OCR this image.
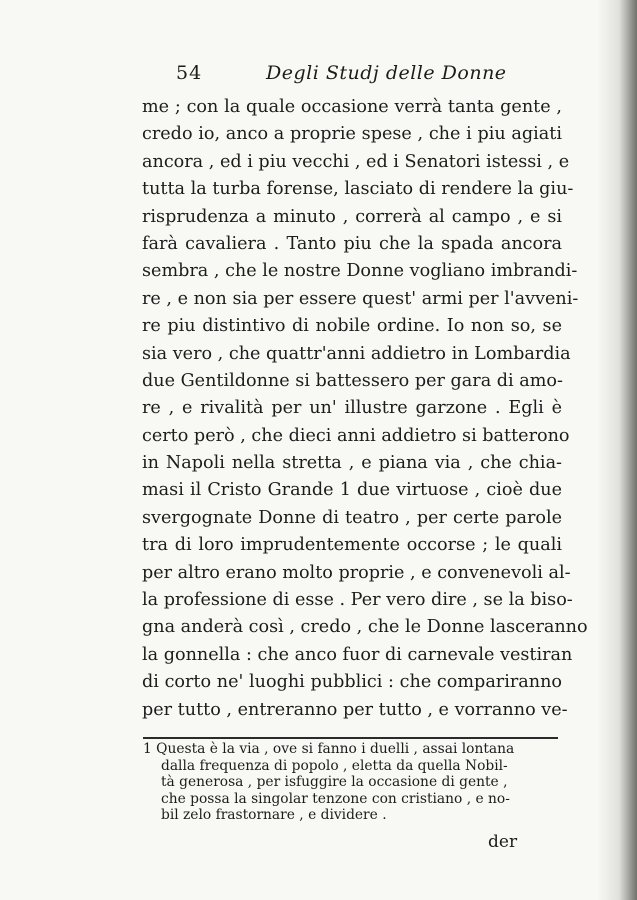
54	Degli Studj delle Donne
me ; con la quale occasione verrà tanta gente ,
credo io, anco a proprie spese , che i piu agiati
ancora , ed i piu vecchi , ed i Senatori istessi , e
tutta la turba forense, lasciato di rendere la giu-
risprudenza a minuto , correrà al campo , e si
farà cavaliera . Tanto piu che la spada ancora
sembra , che le nostre Donne vogliano imbrandi-
re , e non sia per essere quest' armi per l'avveni-
re piu distintivo di nobile ordine. Io non so, se
sia vero , che quattr'anni addietro in Lombardia
due Gentildonne si battessero per gara di amo-
re , e rivalità per un' illustre garzone . Egli è
certo però , che dieci anni addietro si batterono
in Napoli nella stretta , e piana via , che chia-
masi il Cristo Grande 1 due virtuose , cioè due
svergognate Donne di teatro , per certe parole
tra di loro imprudentemente occorse ; le quali
per altro erano molto proprie , e convenevoli al-
la professione di esse . Per vero dire , se la biso-
gna anderà così , credo , che le Donne lasceranno
la gonnella : che anco fuor di carnevale vestiran
di corto ne' luoghi pubblici : che compariranno
per tutto , entreranno per tutto , e vorranno ve-
1 Questa è la via , ove si fanno i duelli , assai lontana
dalla frequenza di popolo , eletta da quella Nobil-
tà generosa , per isfuggire la occasione di gente ,
che possa la singolar tenzone con cristiano , e no-
bil zelo frastornare , e dividere .
der
